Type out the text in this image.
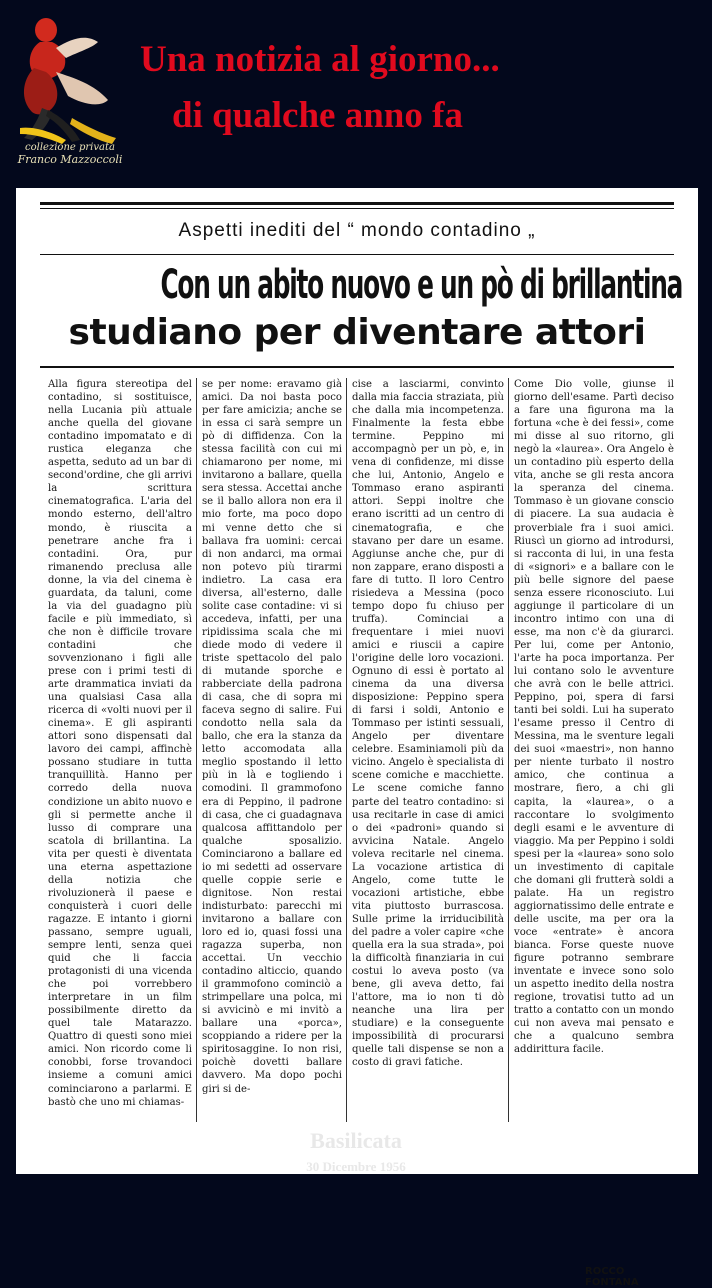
collezione privata
Franco Mazzoccoli
Una notizia al giorno...
di qualche anno fa
Aspetti inediti del “ mondo contadino „
Con un abito nuovo e un pò di brillantina
studiano per diventare attori
Alla figura stereotipa del contadino, si sostituisce, nella Lucania più attuale anche quella del giovane contadino impomatato e di rustica eleganza che aspetta, seduto ad un bar di second'ordine, che gli arrivi la scrittura cinematografica. L'aria del mondo esterno, dell'altro mondo, è riuscita a penetrare anche fra i contadini. Ora, pur rimanendo preclusa alle donne, la via del cinema è guardata, da taluni, come la via del guadagno più facile e più immediato, sì che non è difficile trovare contadini che sovvenzionano i figli alle prese con i primi testi di arte drammatica inviati da una qualsiasi Casa alla ricerca di «volti nuovi per il cinema». E gli aspiranti attori sono dispensati dal lavoro dei campi, affinchè possano studiare in tutta tranquillità. Hanno per corredo della nuova condizione un abito nuovo e gli si permette anche il lusso di comprare una scatola di brillantina. La vita per questi è diventata una eterna aspettazione della notizia che rivoluzionerà il paese e conquisterà i cuori delle ragazze. E intanto i giorni passano, sempre uguali, sempre lenti, senza quei quid che li faccia protagonisti di una vicenda che poi vorrebbero interpretare in un film possibilmente diretto da quel tale Matarazzo. Quattro di questi sono miei amici. Non ricordo come li conobbi, forse trovandoci insieme a comuni amici cominciarono a parlarmi. E bastò che uno mi chiamas-
se per nome: eravamo già amici. Da noi basta poco per fare amicizia; anche se in essa ci sarà sempre un pò di diffidenza. Con la stessa facilità con cui mi chiamarono per nome, mi invitarono a ballare, quella sera stessa. Accettai anche se il ballo allora non era il mio forte, ma poco dopo mi venne detto che si ballava fra uomini: cercai di non andarci, ma ormai non potevo più tirarmi indietro. La casa era diversa, all'esterno, dalle solite case contadine: vi si accedeva, infatti, per una ripidissima scala che mi diede modo di vedere il triste spettacolo del palo di mutande sporche e rabberciate della padrona di casa, che di sopra mi faceva segno di salire. Fui condotto nella sala da ballo, che era la stanza da letto accomodata alla meglio spostando il letto più in là e togliendo i comodini. Il grammofono era di Peppino, il padrone di casa, che ci guadagnava qualcosa affittandolo per qualche sposalizio. Cominciarono a ballare ed io mi sedetti ad osservare quelle coppie serie e dignitose. Non restai indisturbato: parecchi mi invitarono a ballare con loro ed io, quasi fossi una ragazza superba, non accettai. Un vecchio contadino alticcio, quando il grammofono cominciò a strimpellare una polca, mi si avvicinò e mi invitò a ballare una «porca», scoppiando a ridere per la spiritosaggine. Io non risi, poichè dovetti ballare davvero. Ma dopo pochi giri si de-
cise a lasciarmi, convinto dalla mia faccia straziata, più che dalla mia incompetenza. Finalmente la festa ebbe termine. Peppino mi accompagnò per un pò, e, in vena di confidenze, mi disse che lui, Antonio, Angelo e Tommaso erano aspiranti attori. Seppi inoltre che erano iscritti ad un centro di cinematografia, e che stavano per dare un esame. Aggiunse anche che, pur di non zappare, erano disposti a fare di tutto. Il loro Centro risiedeva a Messina (poco tempo dopo fu chiuso per truffa). Cominciai a frequentare i miei nuovi amici e riuscii a capire l'origine delle loro vocazioni. Ognuno di essi è portato al cinema da una diversa disposizione: Peppino spera di farsi i soldi, Antonio e Tommaso per istinti sessuali, Angelo per diventare celebre. Esaminiamoli più da vicino. Angelo è specialista di scene comiche e macchiette. Le scene comiche fanno parte del teatro contadino: si usa recitarle in case di amici o dei «padroni» quando si avvicina Natale. Angelo voleva recitarle nel cinema. La vocazione artistica di Angelo, come tutte le vocazioni artistiche, ebbe vita piuttosto burrascosa. Sulle prime la irriducibilità del padre a voler capire «che quella era la sua strada», poi la difficoltà finanziaria in cui costui lo aveva posto (va bene, gli aveva detto, fai l'attore, ma io non ti dò neanche una lira per studiare) e la conseguente impossibilità di procurarsi quelle tali dispense se non a costo di gravi fatiche.
Come Dio volle, giunse il giorno dell'esame. Partì deciso a fare una figurona ma la fortuna «che è dei fessi», come mi disse al suo ritorno, gli negò la «laurea». Ora Angelo è un contadino più esperto della vita, anche se gli resta ancora la speranza del cinema. Tommaso è un giovane conscio di piacere. La sua audacia è proverbiale fra i suoi amici. Riuscì un giorno ad introdursi, si racconta di lui, in una festa di «signori» e a ballare con le più belle signore del paese senza essere riconosciuto. Lui aggiunge il particolare di un incontro intimo con una di esse, ma non c'è da giurarci. Per lui, come per Antonio, l'arte ha poca importanza. Per lui contano solo le avventure che avrà con le belle attrici. Peppino, poi, spera di farsi tanti bei soldi. Lui ha superato l'esame presso il Centro di Messina, ma le sventure legali dei suoi «maestri», non hanno per niente turbato il nostro amico, che continua a mostrare, fiero, a chi gli capita, la «laurea», o a raccontare lo svolgimento degli esami e le avventure di viaggio. Ma per Peppino i soldi spesi per la «laurea» sono solo un investimento di capitale che domani gli frutterà soldi a palate. Ha un registro aggiornatissimo delle entrate e delle uscite, ma per ora la voce «entrate» è ancora bianca. Forse queste nuove figure potranno sembrare inventate e invece sono solo un aspetto inedito della nostra regione, trovatisi tutto ad un tratto a contatto con un mondo cui non aveva mai pensato e che a qualcuno sembra addirittura facile.
ROCCO FONTANA
Basilicata
30 Dicembre 1956
